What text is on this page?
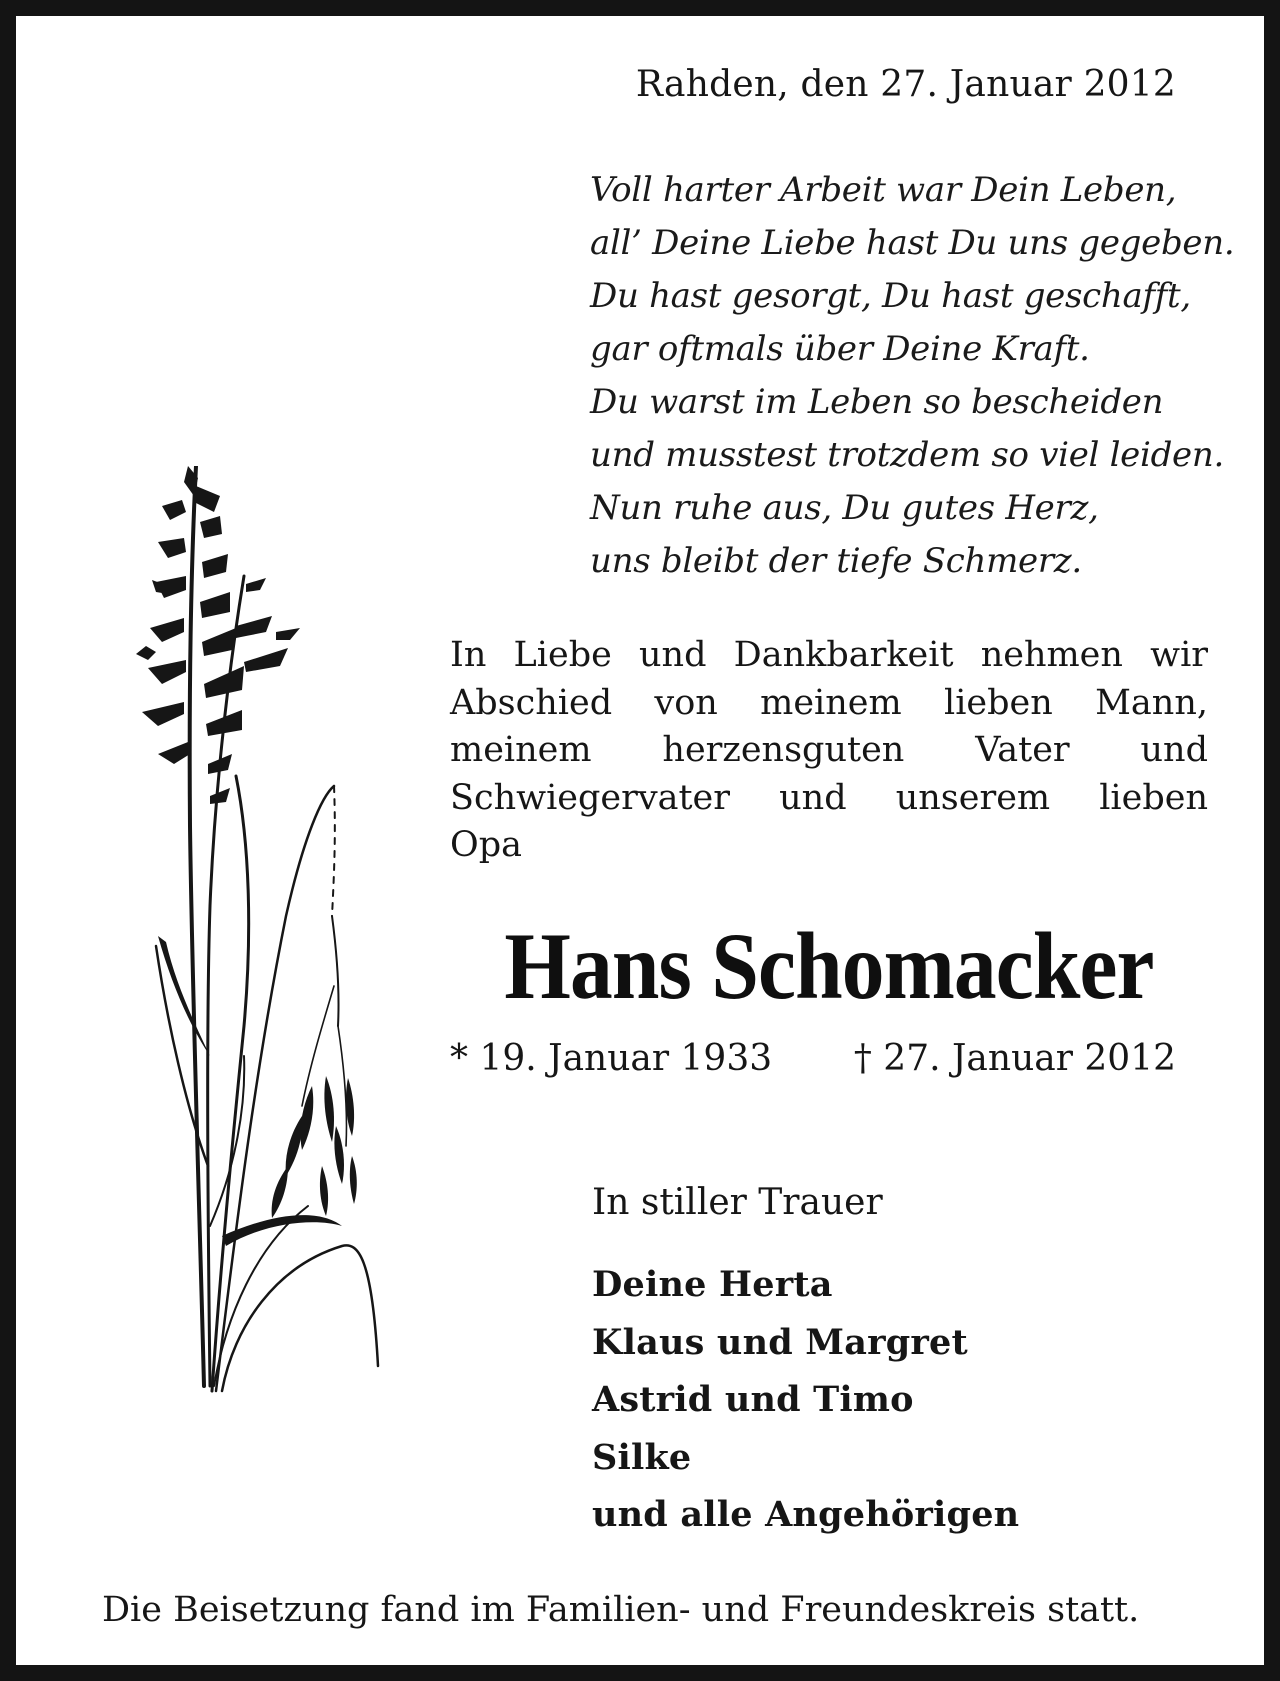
Rahden, den 27. Januar 2012
Voll harter Arbeit war Dein Leben,
all’ Deine Liebe hast Du uns gegeben.
Du hast gesorgt, Du hast geschafft,
gar oftmals über Deine Kraft.
Du warst im Leben so bescheiden
und musstest trotzdem so viel leiden.
Nun ruhe aus, Du gutes Herz,
uns bleibt der tiefe Schmerz.
In Liebe und Dankbarkeit nehmen wir
Abschied von meinem lieben Mann,
meinem herzensguten Vater und
Schwiegervater und unserem lieben
Opa
Hans Schomacker
* 19. Januar 1933 † 27. Januar 2012
In stiller Trauer
Deine Herta
Klaus und Margret
Astrid und Timo
Silke
und alle Angehörigen
Die Beisetzung fand im Familien- und Freundeskreis statt.
